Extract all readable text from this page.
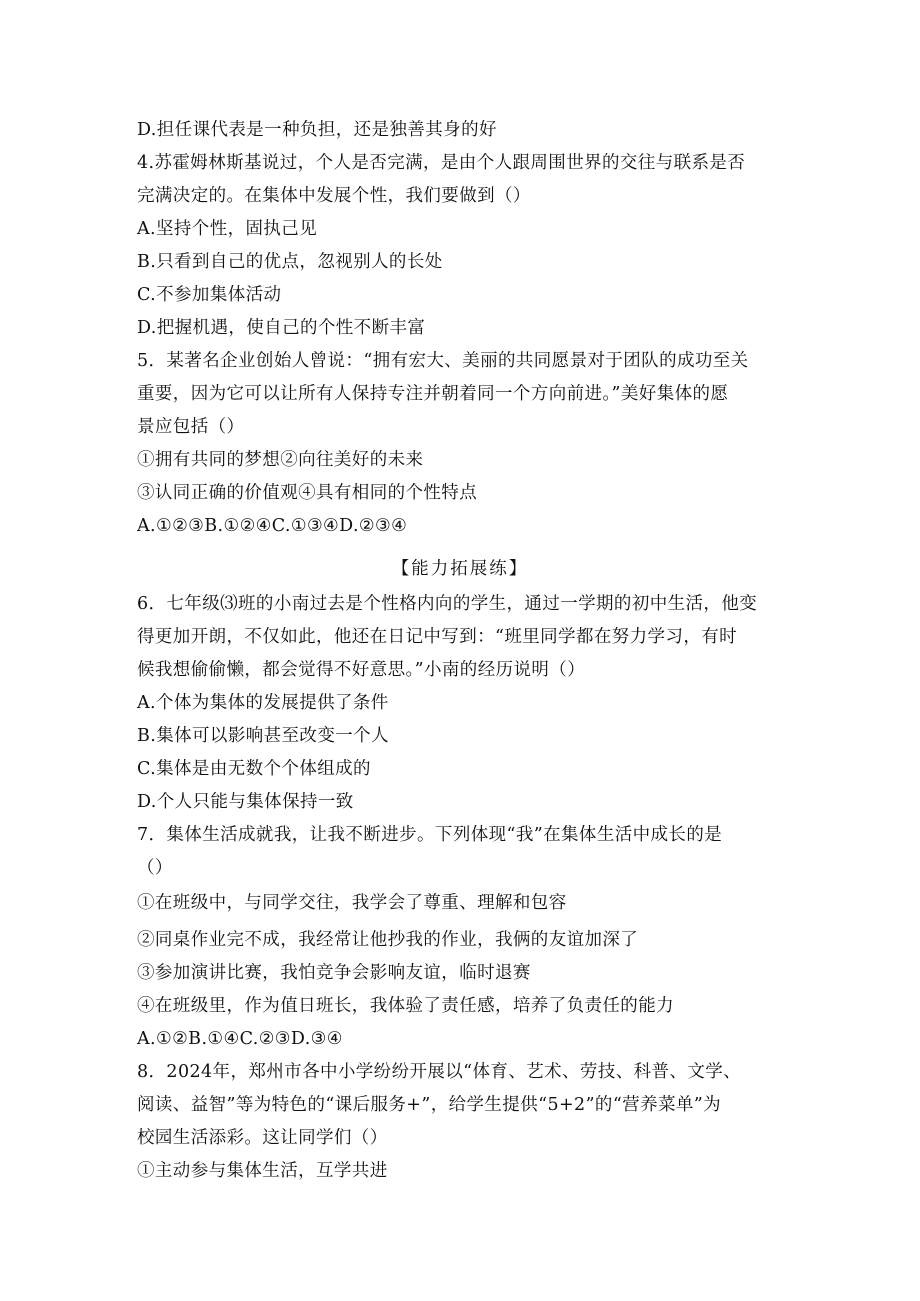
D.担任课代表是一种负担，还是独善其身的好
4.苏霍姆林斯基说过，个人是否完满，是由个人跟周围世界的交往与联系是否
完满决定的。在集体中发展个性，我们要做到（）
A.坚持个性，固执己见
B.只看到自己的优点，忽视别人的长处
C.不参加集体活动
D.把握机遇，使自己的个性不断丰富
5．某著名企业创始人曾说：“拥有宏大、美丽的共同愿景对于团队的成功至关
重要，因为它可以让所有人保持专注并朝着同一个方向前进。”美好集体的愿
景应包括（）
①拥有共同的梦想②向往美好的未来
③认同正确的价值观④具有相同的个性特点
A.①②③B.①②④C.①③④D.②③④
【能力拓展练】
6．七年级⑶班的小南过去是个性格内向的学生，通过一学期的初中生活，他变
得更加开朗，不仅如此，他还在日记中写到：“班里同学都在努力学习，有时
候我想偷偷懒，都会觉得不好意思。”小南的经历说明（）
A.个体为集体的发展提供了条件
B.集体可以影响甚至改变一个人
C.集体是由无数个个体组成的
D.个人只能与集体保持一致
7．集体生活成就我，让我不断进步。下列体现“我”在集体生活中成长的是
（）
①在班级中，与同学交往，我学会了尊重、理解和包容
②同桌作业完不成，我经常让他抄我的作业，我俩的友谊加深了
③参加演讲比赛，我怕竞争会影响友谊，临时退赛
④在班级里，作为值日班长，我体验了责任感，培养了负责任的能力
A.①②B.①④C.②③D.③④
8．2024年，郑州市各中小学纷纷开展以“体育、艺术、劳技、科普、文学、
阅读、益智”等为特色的“课后服务+”，给学生提供“5+2”的“营养菜单”为
校园生活添彩。这让同学们（）
①主动参与集体生活，互学共进
